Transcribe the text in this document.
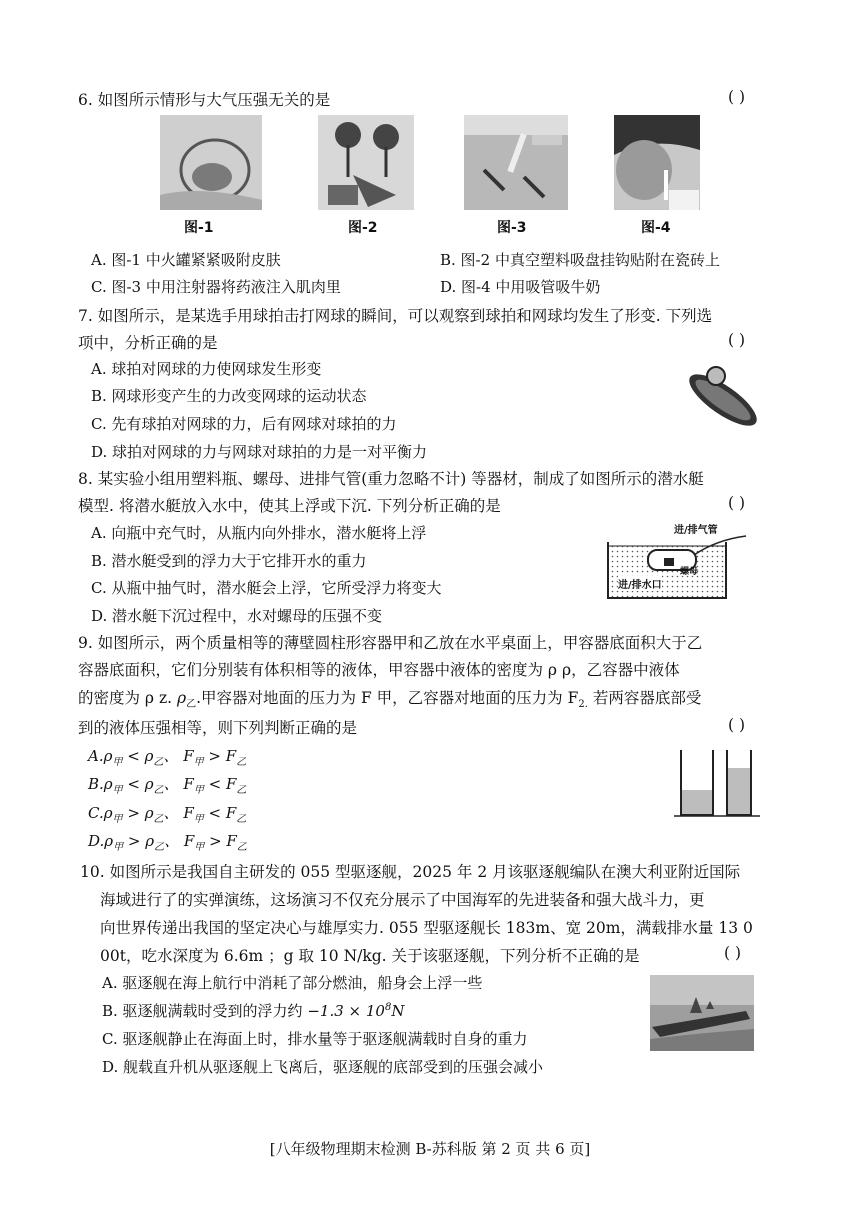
6. 如图所示情形与大气压强无关的是	( )
图-1	图-2	图-3	图-4
A. 图-1 中火罐紧紧吸附皮肤	B. 图-2 中真空塑料吸盘挂钩贴附在瓷砖上
C. 图-3 中用注射器将药液注入肌肉里	D. 图-4 中用吸管吸牛奶
7. 如图所示，是某选手用球拍击打网球的瞬间，可以观察到球拍和网球均发生了形变. 下列选
项中，分析正确的是	( )
A. 球拍对网球的力使网球发生形变
B. 网球形变产生的力改变网球的运动状态
C. 先有球拍对网球的力，后有网球对球拍的力
D. 球拍对网球的力与网球对球拍的力是一对平衡力
8. 某实验小组用塑料瓶、螺母、进排气管(重力忽略不计) 等器材，制成了如图所示的潜水艇
模型. 将潜水艇放入水中，使其上浮或下沉. 下列分析正确的是	( )
A. 向瓶中充气时，从瓶内向外排水，潜水艇将上浮
B. 潜水艇受到的浮力大于它排开水的重力
C. 从瓶中抽气时，潜水艇会上浮，它所受浮力将变大
D. 潜水艇下沉过程中，水对螺母的压强不变
进/排气管
进/排水口
螺母
9. 如图所示，两个质量相等的薄壁圆柱形容器甲和乙放在水平桌面上，甲容器底面积大于乙
容器底面积，它们分别装有体积相等的液体，甲容器中液体的密度为 ρ ρ，乙容器中液体
的密度为 ρ z. $\rho_乙$.甲容器对地面的压力为 F 甲，乙容器对地面的压力为 $F_{2.}$ 若两容器底部受
到的液体压强相等，则下列判断正确的是	( )
$A.\rho_甲 < \rho_乙$、 $F_甲 > F_乙$
$B.\rho_甲 < \rho_乙$、 $F_甲 < F_乙$
$C.\rho_甲 > \rho_乙$、 $F_甲 < F_乙$
$D.\rho_甲 > \rho_乙$、 $F_甲 > F_乙$
10. 如图所示是我国自主研发的 055 型驱逐舰，2025 年 2 月该驱逐舰编队在澳大利亚附近国际
海域进行了的实弹演练，这场演习不仅充分展示了中国海军的先进装备和强大战斗力，更
向世界传递出我国的坚定决心与雄厚实力. 055 型驱逐舰长 183m、宽 20m，满载排水量 13 0
00t，吃水深度为 6.6m ；g 取 10 N/kg. 关于该驱逐舰，下列分析不正确的是	( )
A. 驱逐舰在海上航行中消耗了部分燃油，船身会上浮一些
B. 驱逐舰满载时受到的浮力约 $-1.3 \times 10^8N$
C. 驱逐舰静止在海面上时，排水量等于驱逐舰满载时自身的重力
D. 舰载直升机从驱逐舰上飞离后，驱逐舰的底部受到的压强会减小
[八年级物理期末检测 B-苏科版 第 2 页 共 6 页]
